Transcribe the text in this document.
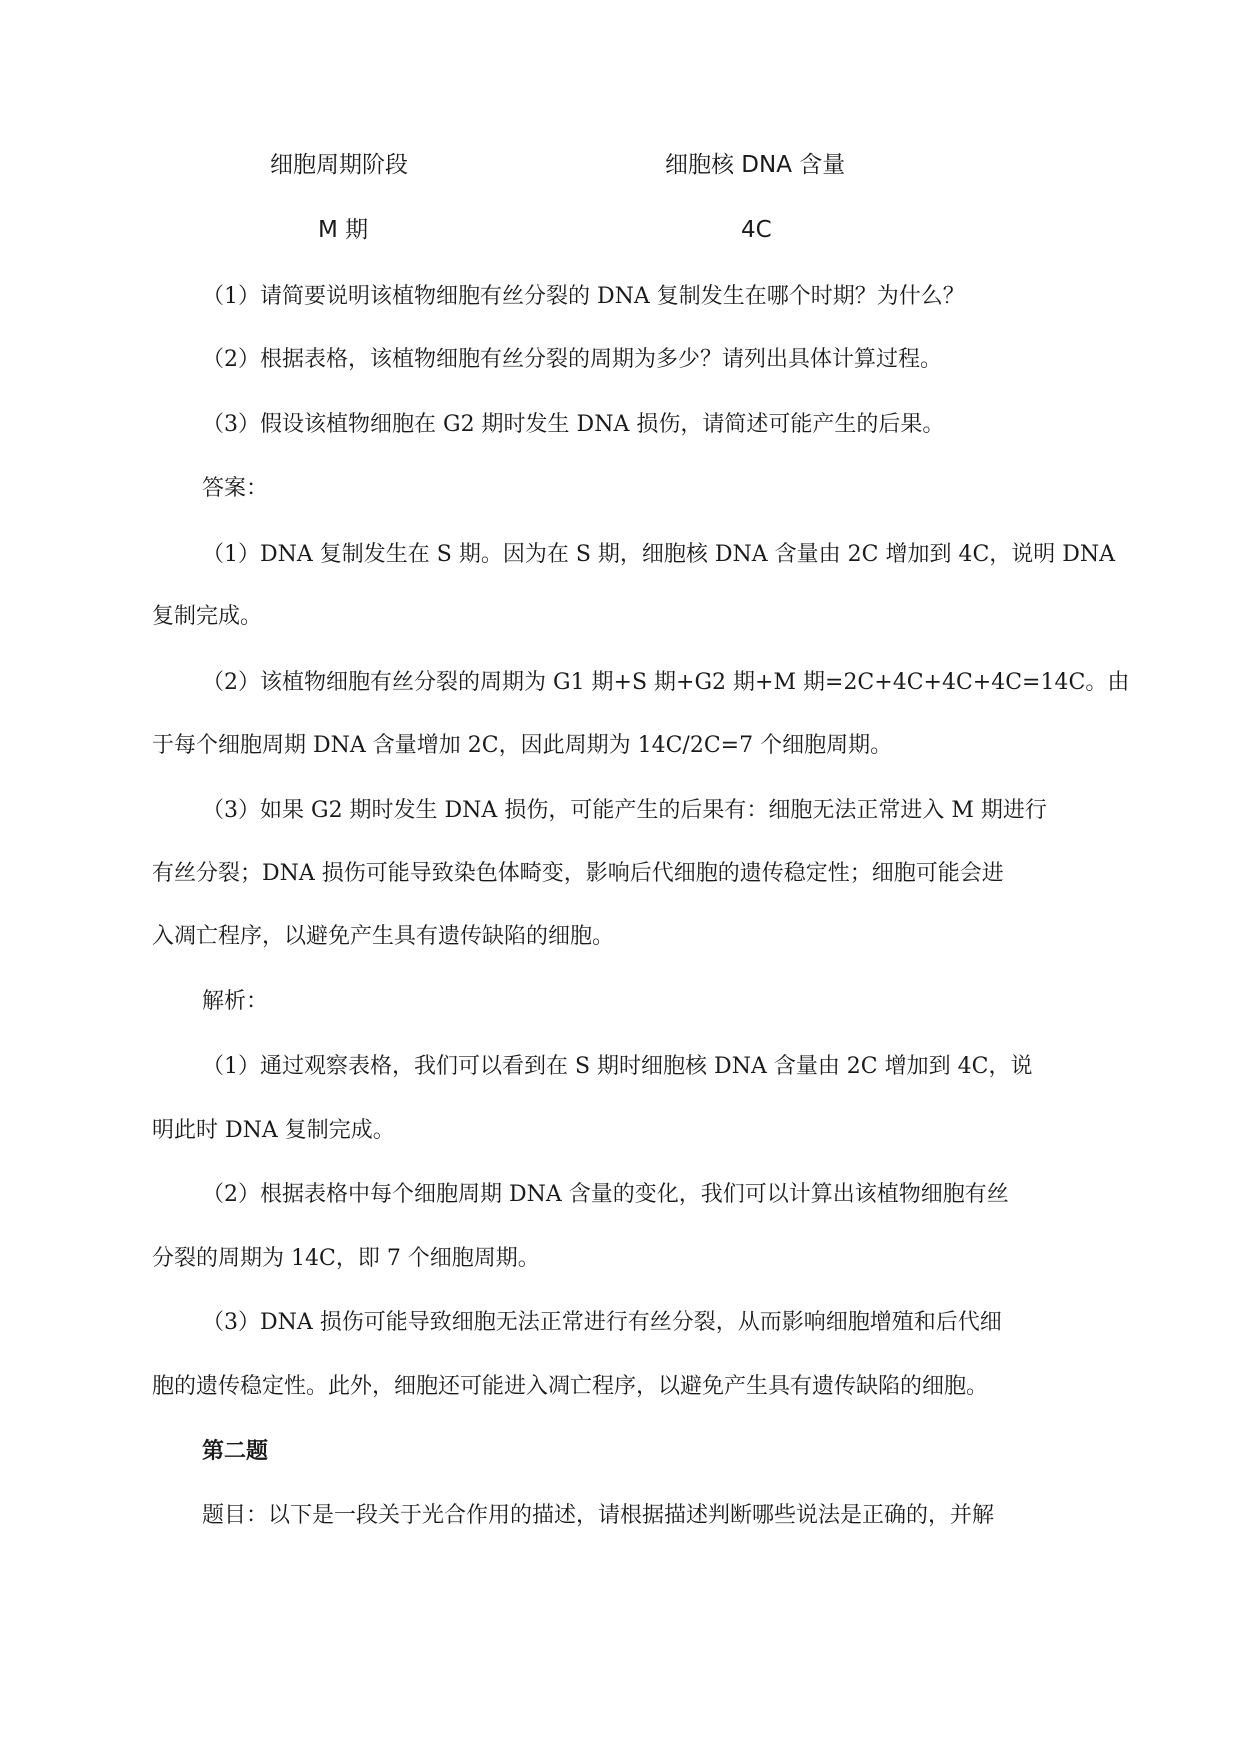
细胞周期阶段	细胞核 DNA 含量
M 期	4C
（1）请简要说明该植物细胞有丝分裂的 DNA 复制发生在哪个时期？为什么？
（2）根据表格，该植物细胞有丝分裂的周期为多少？请列出具体计算过程。
（3）假设该植物细胞在 G2 期时发生 DNA 损伤，请简述可能产生的后果。
答案：
（1）DNA 复制发生在 S 期。因为在 S 期，细胞核 DNA 含量由 2C 增加到 4C，说明 DNA
复制完成。
（2）该植物细胞有丝分裂的周期为 G1 期+S 期+G2 期+M 期=2C+4C+4C+4C=14C。由
于每个细胞周期 DNA 含量增加 2C，因此周期为 14C/2C=7 个细胞周期。
（3）如果 G2 期时发生 DNA 损伤，可能产生的后果有：细胞无法正常进入 M 期进行
有丝分裂；DNA 损伤可能导致染色体畸变，影响后代细胞的遗传稳定性；细胞可能会进
入凋亡程序，以避免产生具有遗传缺陷的细胞。
解析：
（1）通过观察表格，我们可以看到在 S 期时细胞核 DNA 含量由 2C 增加到 4C，说
明此时 DNA 复制完成。
（2）根据表格中每个细胞周期 DNA 含量的变化，我们可以计算出该植物细胞有丝
分裂的周期为 14C，即 7 个细胞周期。
（3）DNA 损伤可能导致细胞无法正常进行有丝分裂，从而影响细胞增殖和后代细
胞的遗传稳定性。此外，细胞还可能进入凋亡程序，以避免产生具有遗传缺陷的细胞。
第二题
题目：以下是一段关于光合作用的描述，请根据描述判断哪些说法是正确的，并解
